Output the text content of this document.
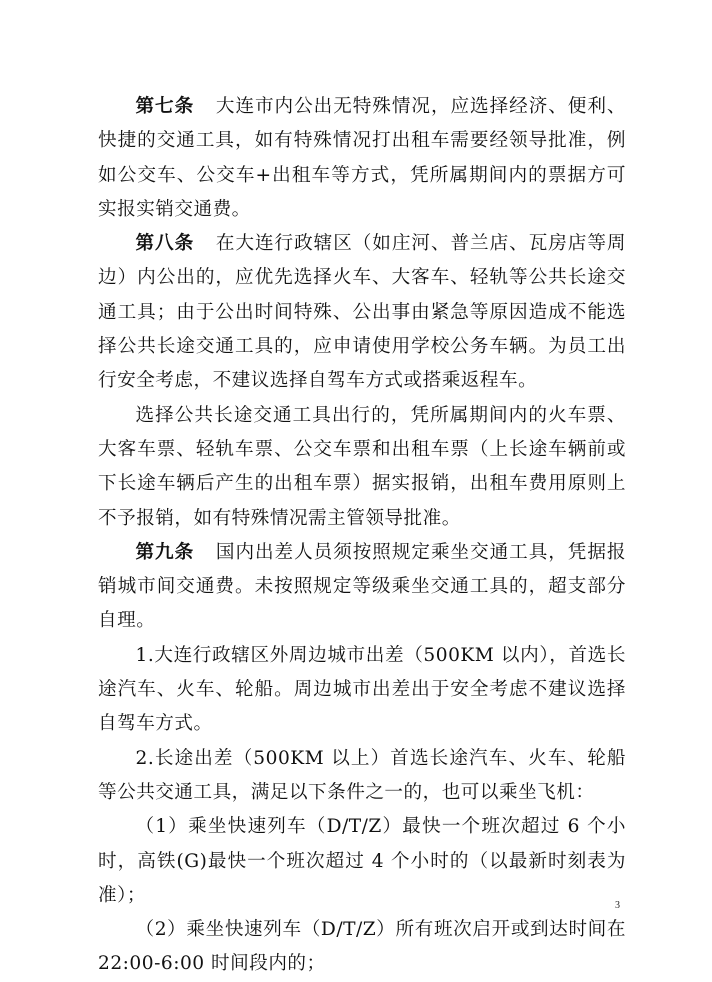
第七条   大连市内公出无特殊情况，应选择经济、便利、快捷的交通工具，如有特殊情况打出租车需要经领导批准，例如公交车、公交车+出租车等方式，凭所属期间内的票据方可实报实销交通费。

第八条   在大连行政辖区（如庄河、普兰店、瓦房店等周边）内公出的，应优先选择火车、大客车、轻轨等公共长途交通工具；由于公出时间特殊、公出事由紧急等原因造成不能选择公共长途交通工具的，应申请使用学校公务车辆。为员工出行安全考虑，不建议选择自驾车方式或搭乘返程车。

选择公共长途交通工具出行的，凭所属期间内的火车票、大客车票、轻轨车票、公交车票和出租车票（上长途车辆前或下长途车辆后产生的出租车票）据实报销，出租车费用原则上不予报销，如有特殊情况需主管领导批准。

第九条   国内出差人员须按照规定乘坐交通工具，凭据报销城市间交通费。未按照规定等级乘坐交通工具的，超支部分自理。

1.大连行政辖区外周边城市出差（500KM 以内），首选长途汽车、火车、轮船。周边城市出差出于安全考虑不建议选择自驾车方式。

2.长途出差（500KM 以上）首选长途汽车、火车、轮船等公共交通工具，满足以下条件之一的，也可以乘坐飞机：

（1）乘坐快速列车（D/T/Z）最快一个班次超过 6 个小时，高铁(G)最快一个班次超过 4 个小时的（以最新时刻表为准）；

（2）乘坐快速列车（D/T/Z）所有班次启开或到达时间在 22:00-6:00 时间段内的；

3
